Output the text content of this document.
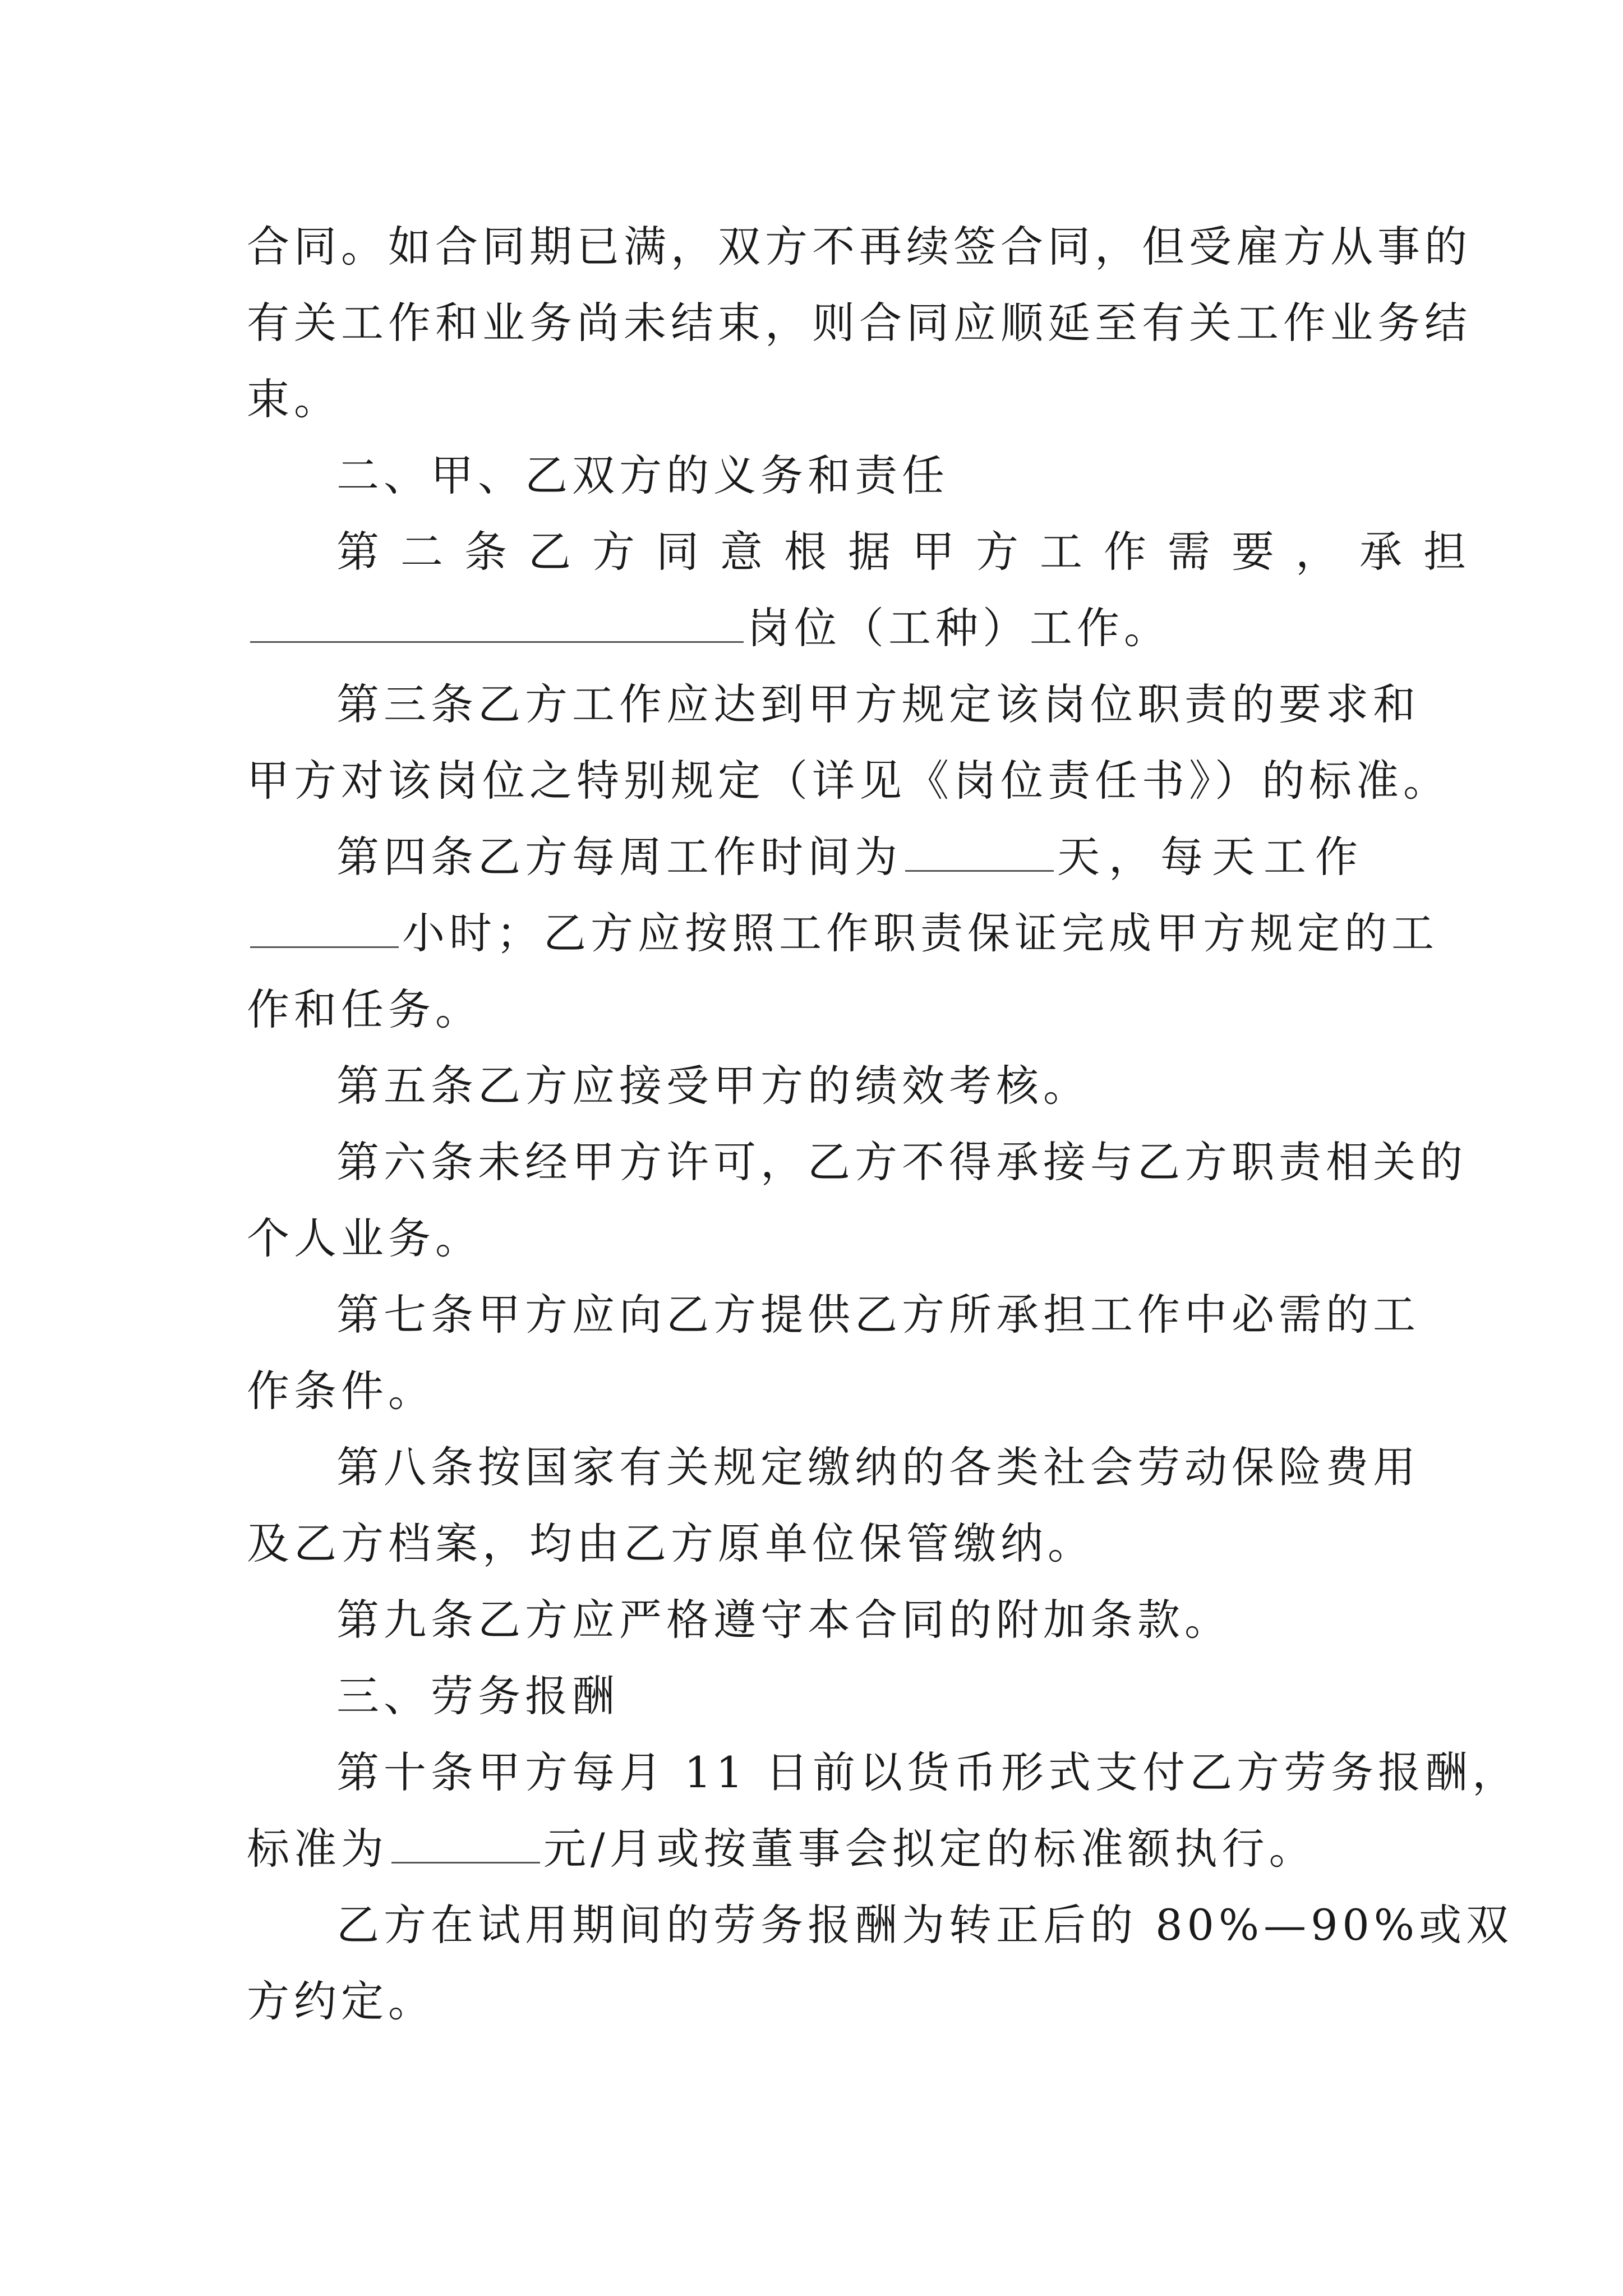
合同。如合同期已满，双方不再续签合同，但受雇方从事的
有关工作和业务尚未结束，则合同应顺延至有关工作业务结
束。
二、甲、乙双方的义务和责任
第二条乙方同意根据甲方工作需要，承担
岗位（工种）工作。
第三条乙方工作应达到甲方规定该岗位职责的要求和
甲方对该岗位之特别规定（详见《岗位责任书》）的标准。
第四条乙方每周工作时间为	天，每天工作
小时；乙方应按照工作职责保证完成甲方规定的工
作和任务。
第五条乙方应接受甲方的绩效考核。
第六条未经甲方许可，乙方不得承接与乙方职责相关的
个人业务。
第七条甲方应向乙方提供乙方所承担工作中必需的工
作条件。
第八条按国家有关规定缴纳的各类社会劳动保险费用
及乙方档案，均由乙方原单位保管缴纳。
第九条乙方应严格遵守本合同的附加条款。
三、劳务报酬
第十条甲方每月 11 日前以货币形式支付乙方劳务报酬，
标准为	元/月或按董事会拟定的标准额执行。
乙方在试用期间的劳务报酬为转正后的 80%—90%或双
方约定。
